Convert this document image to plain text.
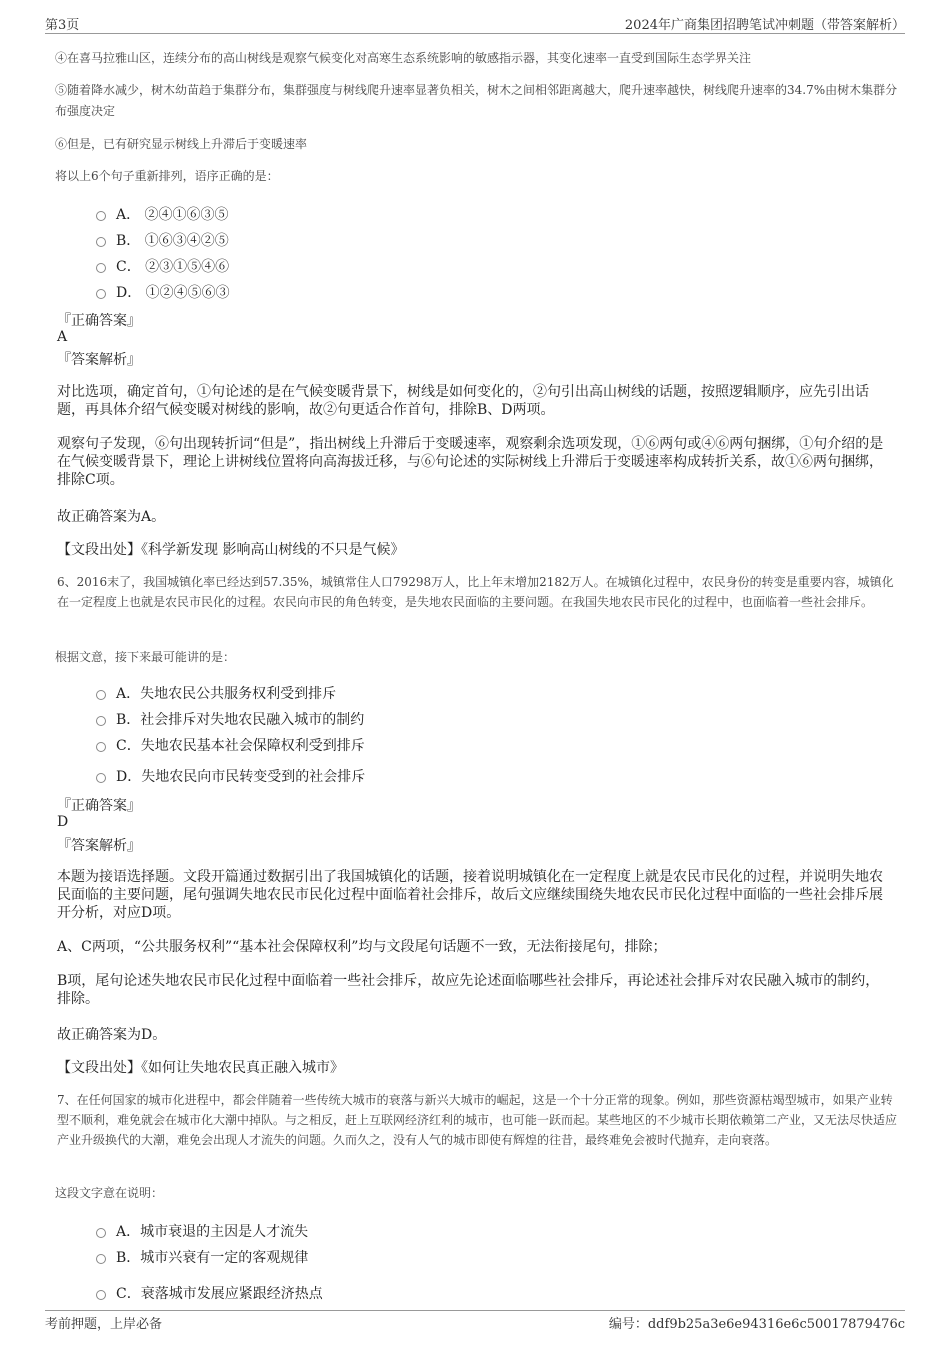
第3页	2024年广商集团招聘笔试冲刺题（带答案解析）
④在喜马拉雅山区，连续分布的高山树线是观察气候变化对高寒生态系统影响的敏感指示器，其变化速率一直受到国际生态学界关注
⑤随着降水减少，树木幼苗趋于集群分布，集群强度与树线爬升速率显著负相关，树木之间相邻距离越大，爬升速率越快，树线爬升速率的34.7%由树木集群分布强度决定
⑥但是，已有研究显示树线上升滞后于变暖速率
将以上6个句子重新排列，语序正确的是：
A． ②④①⑥③⑤
B． ①⑥③④②⑤
C． ②③①⑤④⑥
D． ①②④⑤⑥③
『正确答案』
A
『答案解析』
对比选项，确定首句，①句论述的是在气候变暖背景下，树线是如何变化的，②句引出高山树线的话题，按照逻辑顺序，应先引出话题，再具体介绍气候变暖对树线的影响，故②句更适合作首句，排除B、D两项。
观察句子发现，⑥句出现转折词“但是”，指出树线上升滞后于变暖速率，观察剩余选项发现，①⑥两句或④⑥两句捆绑，①句介绍的是在气候变暖背景下，理论上讲树线位置将向高海拔迁移，与⑥句论述的实际树线上升滞后于变暖速率构成转折关系，故①⑥两句捆绑，排除C项。
故正确答案为A。
【文段出处】《科学新发现 影响高山树线的不只是气候》
6、2016末了，我国城镇化率已经达到57.35%，城镇常住人口79298万人，比上年末增加2182万人。在城镇化过程中，农民身份的转变是重要内容，城镇化在一定程度上也就是农民市民化的过程。农民向市民的角色转变，是失地农民面临的主要问题。在我国失地农民市民化的过程中，也面临着一些社会排斥。
根据文意，接下来最可能讲的是：
A．失地农民公共服务权利受到排斥
B．社会排斥对失地农民融入城市的制约
C．失地农民基本社会保障权利受到排斥
D．失地农民向市民转变受到的社会排斥
『正确答案』
D
『答案解析』
本题为接语选择题。文段开篇通过数据引出了我国城镇化的话题，接着说明城镇化在一定程度上就是农民市民化的过程，并说明失地农民面临的主要问题，尾句强调失地农民市民化过程中面临着社会排斥，故后文应继续围绕失地农民市民化过程中面临的一些社会排斥展开分析，对应D项。
A、C两项，“公共服务权利”“基本社会保障权利”均与文段尾句话题不一致，无法衔接尾句，排除；
B项，尾句论述失地农民市民化过程中面临着一些社会排斥，故应先论述面临哪些社会排斥，再论述社会排斥对农民融入城市的制约，排除。
故正确答案为D。
【文段出处】《如何让失地农民真正融入城市》
7、在任何国家的城市化进程中，都会伴随着一些传统大城市的衰落与新兴大城市的崛起，这是一个十分正常的现象。例如，那些资源枯竭型城市，如果产业转型不顺利，难免就会在城市化大潮中掉队。与之相反，赶上互联网经济红利的城市，也可能一跃而起。某些地区的不少城市长期依赖第二产业，又无法尽快适应产业升级换代的大潮，难免会出现人才流失的问题。久而久之，没有人气的城市即使有辉煌的往昔，最终难免会被时代抛弃，走向衰落。
这段文字意在说明：
A．城市衰退的主因是人才流失
B．城市兴衰有一定的客观规律
C．衰落城市发展应紧跟经济热点
考前押题，上岸必备	编号：ddf9b25a3e6e94316e6c50017879476c
